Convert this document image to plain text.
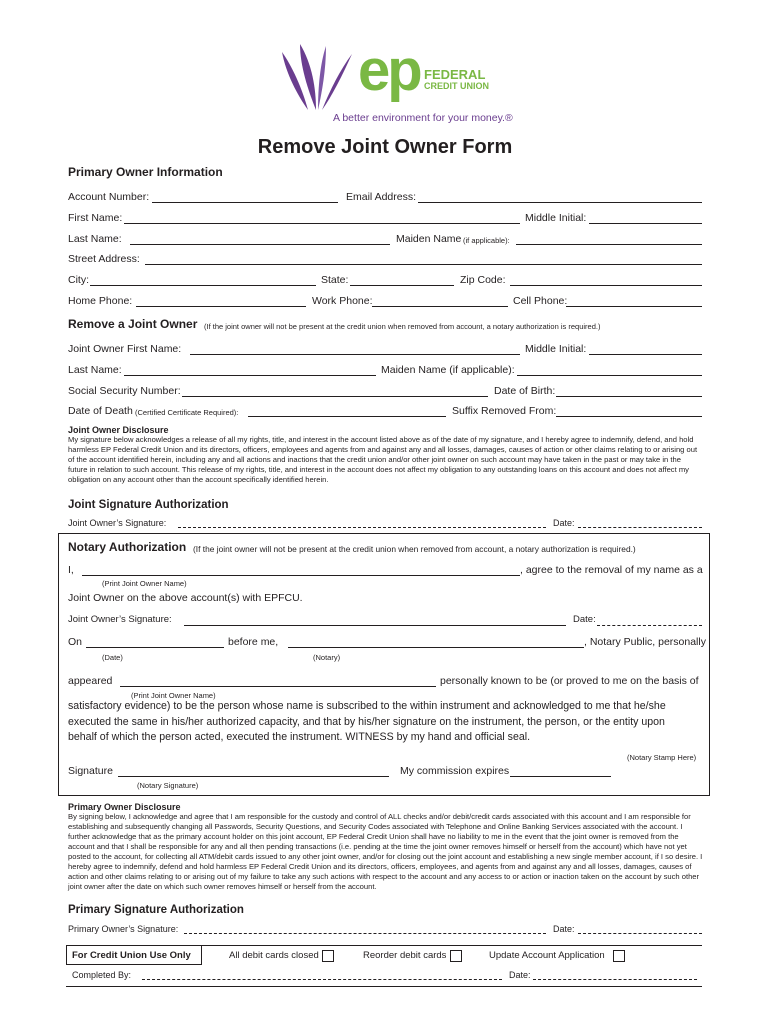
ep FEDERAL
CREDIT UNION
A better environment for your money.®
Remove Joint Owner Form
Primary Owner Information
Account Number:	Email Address:
First Name:	Middle Initial:
Last Name:	Maiden Name (if applicable):
Street Address:
City:	State:	Zip Code:
Home Phone:	Work Phone:	Cell Phone:
Remove a Joint Owner (If the joint owner will not be present at the credit union when removed from account, a notary authorization is required.)
Joint Owner First Name:	Middle Initial:
Last Name:	Maiden Name (if applicable):
Social Security Number:	Date of Birth:
Date of Death (Certified Certificate Required):	Suffix Removed From:
Joint Owner Disclosure
My signature below acknowledges a release of all my rights, title, and interest in the account listed above as of the date of my signature, and I hereby agree to indemnify, defend, and hold harmless EP Federal Credit Union and its directors, officers, employees and agents from and against any and all losses, damages, causes of action or other claims relating to or arising out of the account identified herein, including any and all actions and inactions that the credit union and/or other joint owner on such account may have taken in the past or may take in the future in relation to such account. This release of my rights, title, and interest in the account does not affect my obligation to any outstanding loans on this account and does not affect my obligation on any account other than the account specifically identified herein.
Joint Signature Authorization
Joint Owner’s Signature:	Date:
Notary Authorization (If the joint owner will not be present at the credit union when removed from account, a notary authorization is required.)
I,	, agree to the removal of my name as a
(Print Joint Owner Name)
Joint Owner on the above account(s) with EPFCU.
Joint Owner’s Signature:	Date:
On	before me,	, Notary Public, personally
(Date)	(Notary)
appeared	personally known to be (or proved to me on the basis of
(Print Joint Owner Name)
satisfactory evidence) to be the person whose name is subscribed to the within instrument and acknowledged to me that he/she executed the same in his/her authorized capacity, and that by his/her signature on the instrument, the person, or the entity upon behalf of which the person acted, executed the instrument. WITNESS by my hand and official seal.
(Notary Stamp Here)
Signature	My commission expires
(Notary Signature)
Primary Owner Disclosure
By signing below, I acknowledge and agree that I am responsible for the custody and control of ALL checks and/or debit/credit cards associated with this account and I am responsible for establishing and subsequently changing all Passwords, Security Questions, and Security Codes associated with Telephone and Online Banking Services associated with the account. I further acknowledge that as the primary account holder on this joint account, EP Federal Credit Union shall have no liability to me in the event that the joint owner is removed from the account and that I shall be responsible for any and all then pending transactions (i.e. pending at the time the joint owner removes himself or herself from the account) which have not yet posted to the account, for collecting all ATM/debit cards issued to any other joint owner, and/or for closing out the joint account and establishing a new single member account, if I so desire. I hereby agree to indemnify, defend and hold harmless EP Federal Credit Union and its directors, officers, employees, and agents from and against any and all losses, damages, causes of action and other claims relating to or arising out of my failure to take any such actions with respect to the account and any access to or action or inaction taken on the account by such other joint owner after the date on which such owner removes himself or herself from the account.
Primary Signature Authorization
Primary Owner’s Signature:	Date:
For Credit Union Use Only	All debit cards closed	Reorder debit cards	Update Account Application
Completed By:	Date:
